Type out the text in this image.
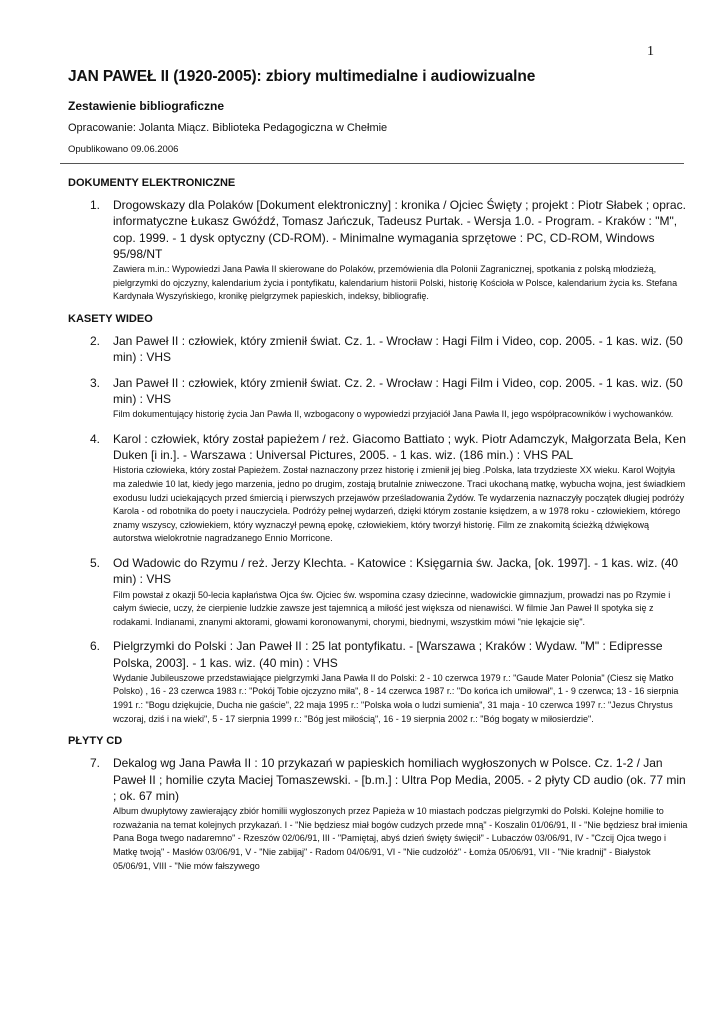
1
JAN PAWEŁ II (1920-2005): zbiory multimedialne i audiowizualne

Zestawienie bibliograficzne

Opracowanie: Jolanta Miącz. Biblioteka Pedagogiczna w Chełmie

Opublikowano 09.06.2006

DOKUMENTY ELEKTRONICZNE
1. Drogowskazy dla Polaków [Dokument elektroniczny] : kronika / Ojciec Święty ; projekt : Piotr Słabek ; oprac. informatyczne Łukasz Gwóźdź, Tomasz Jańczuk, Tadeusz Purtak. - Wersja 1.0. - Program. - Kraków : "M", cop. 1999. - 1 dysk optyczny (CD-ROM). - Minimalne wymagania sprzętowe : PC, CD-ROM, Windows 95/98/NT

Zawiera m.in.: Wypowiedzi Jana Pawła II skierowane do Polaków, przemówienia dla Polonii Zagranicznej, spotkania z polską młodzieżą, pielgrzymki do ojczyzny, kalendarium życia i pontyfikatu, kalendarium historii Polski, historię Kościoła w Polsce, kalendarium życia ks. Stefana Kardynała Wyszyńskiego, kronikę pielgrzymek papieskich, indeksy, bibliografię.

KASETY WIDEO
2. Jan Paweł II : człowiek, który zmienił świat. Cz. 1. - Wrocław : Hagi Film i Video, cop. 2005. - 1 kas. wiz. (50 min) : VHS

3. Jan Paweł II : człowiek, który zmienił świat. Cz. 2. - Wrocław : Hagi Film i Video, cop. 2005. - 1 kas. wiz. (50 min) : VHS

Film dokumentujący historię życia Jan Pawła II, wzbogacony o wypowiedzi przyjaciół Jana Pawła II, jego współpracowników i wychowanków.

4. Karol : człowiek, który został papieżem / reż. Giacomo Battiato ; wyk. Piotr Adamczyk, Małgorzata Bela, Ken Duken [i in.]. - Warszawa : Universal Pictures, 2005. - 1 kas. wiz. (186 min.) : VHS PAL

Historia człowieka, który został Papieżem. Został naznaczony przez historię i zmienił jej bieg .Polska, lata trzydzieste XX wieku. Karol Wojtyła ma zaledwie 10 lat, kiedy jego marzenia, jedno po drugim, zostają brutalnie zniweczone. Traci ukochaną matkę, wybucha wojna, jest świadkiem exodusu ludzi uciekających przed śmiercią i pierwszych przejawów prześladowania Żydów. Te wydarzenia naznaczyły początek długiej podróży Karola - od robotnika do poety i nauczyciela. Podróży pełnej wydarzeń, dzięki którym zostanie księdzem, a w 1978 roku - człowiekiem, którego znamy wszyscy, człowiekiem, który wyznaczył pewną epokę, człowiekiem, który tworzył historię. Film ze znakomitą ścieżką dźwiękową autorstwa wielokrotnie nagradzanego Ennio Morricone.

5. Od Wadowic do Rzymu / reż. Jerzy Klechta. - Katowice : Księgarnia św. Jacka, [ok. 1997]. - 1 kas. wiz. (40 min) : VHS

Film powstał z okazji 50-lecia kapłaństwa Ojca św. Ojciec św. wspomina czasy dziecinne, wadowickie gimnazjum, prowadzi nas po Rzymie i całym świecie, uczy, że cierpienie ludzkie zawsze jest tajemnicą a miłość jest większa od nienawiści. W filmie Jan Paweł II spotyka się z rodakami. Indianami, znanymi aktorami, głowami koronowanymi, chorymi, biednymi, wszystkim mówi "nie lękajcie się".

6. Pielgrzymki do Polski : Jan Paweł II : 25 lat pontyfikatu. - [Warszawa ; Kraków : Wydaw. "M" : Edipresse Polska, 2003]. - 1 kas. wiz. (40 min) : VHS

Wydanie Jubileuszowe przedstawiające pielgrzymki Jana Pawła II do Polski: 2 - 10 czerwca 1979 r.: "Gaude Mater Polonia" (Ciesz się Matko Polsko) , 16 - 23 czerwca 1983 r.: "Pokój Tobie ojczyzno miła", 8 - 14 czerwca 1987 r.: "Do końca ich umiłował", 1 - 9 czerwca; 13 - 16 sierpnia 1991 r.: "Bogu dziękujcie, Ducha nie gaście", 22 maja 1995 r.: "Polska woła o ludzi sumienia", 31 maja - 10 czerwca 1997 r.: "Jezus Chrystus wczoraj, dziś i na wieki", 5 - 17 sierpnia 1999 r.: "Bóg jest miłością", 16 - 19 sierpnia 2002 r.: "Bóg bogaty w miłosierdzie".

PŁYTY CD
7. Dekalog wg Jana Pawła II : 10 przykazań w papieskich homiliach wygłoszonych w Polsce. Cz. 1-2 / Jan Paweł II ; homilie czyta Maciej Tomaszewski. - [b.m.] : Ultra Pop Media, 2005. - 2 płyty CD audio (ok. 77 min ; ok. 67 min)

Album dwupłytowy zawierający zbiór homilii wygłoszonych przez Papieża w 10 miastach podczas pielgrzymki do Polski. Kolejne homilie to rozważania na temat kolejnych przykazań. I - "Nie będziesz miał bogów cudzych przede mną" - Koszalin 01/06/91, II - "Nie będziesz brał imienia Pana Boga twego nadaremno" - Rzeszów 02/06/91, III - "Pamiętaj, abyś dzień święty święcił" - Lubaczów 03/06/91, IV - "Czcij Ojca twego i Matkę twoją" - Masłów 03/06/91, V - "Nie zabijaj" - Radom 04/06/91, VI - "Nie cudzołóż" - Łomża 05/06/91, VII - "Nie kradnij" - Białystok 05/06/91, VIII - "Nie mów fałszywego
